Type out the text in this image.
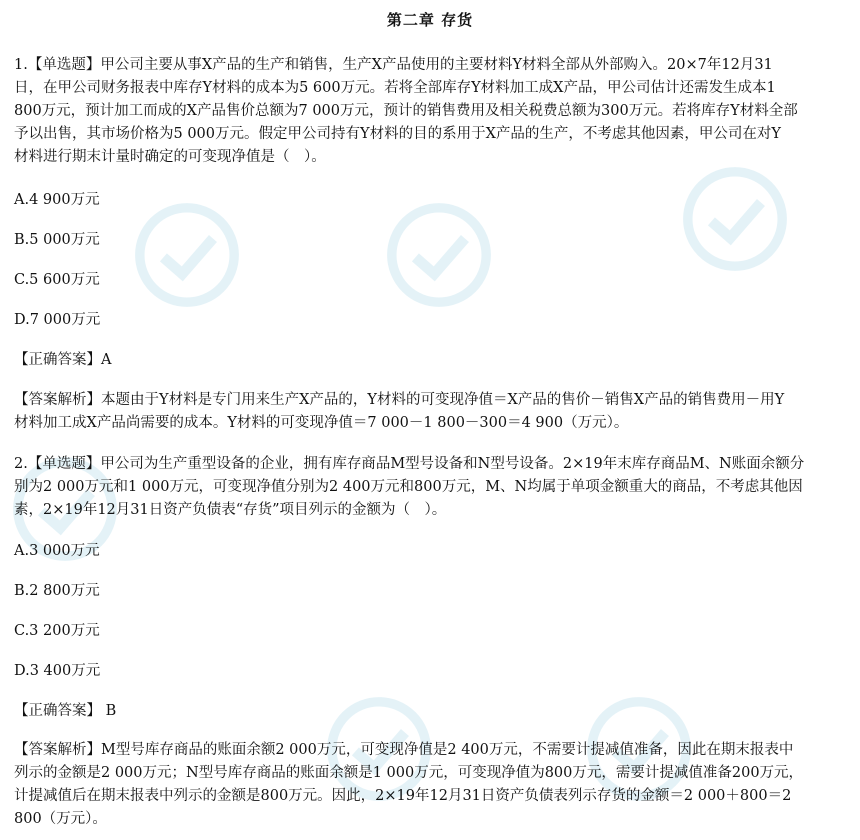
第二章 存货
1.【单选题】甲公司主要从事X产品的生产和销售，生产X产品使用的主要材料Y材料全部从外部购入。20×7年12月31
日，在甲公司财务报表中库存Y材料的成本为5 600万元。若将全部库存Y材料加工成X产品，甲公司估计还需发生成本1
800万元，预计加工而成的X产品售价总额为7 000万元，预计的销售费用及相关税费总额为300万元。若将库存Y材料全部
予以出售，其市场价格为5 000万元。假定甲公司持有Y材料的目的系用于X产品的生产，不考虑其他因素，甲公司在对Y
材料进行期末计量时确定的可变现净值是（　）。
A.4 900万元
B.5 000万元
C.5 600万元
D.7 000万元
【正确答案】A
【答案解析】本题由于Y材料是专门用来生产X产品的，Y材料的可变现净值＝X产品的售价－销售X产品的销售费用－用Y
材料加工成X产品尚需要的成本。Y材料的可变现净值＝7 000－1 800－300＝4 900（万元）。
2.【单选题】甲公司为生产重型设备的企业，拥有库存商品M型号设备和N型号设备。2×19年末库存商品M、N账面余额分
别为2 000万元和1 000万元，可变现净值分别为2 400万元和800万元，M、N均属于单项金额重大的商品，不考虑其他因
素，2×19年12月31日资产负债表“存货”项目列示的金额为（　）。
A.3 000万元
B.2 800万元
C.3 200万元
D.3 400万元
【正确答案】 B
【答案解析】M型号库存商品的账面余额2 000万元，可变现净值是2 400万元，不需要计提减值准备，因此在期末报表中
列示的金额是2 000万元；N型号库存商品的账面余额是1 000万元，可变现净值为800万元，需要计提减值准备200万元，
计提减值后在期末报表中列示的金额是800万元。因此，2×19年12月31日资产负债表列示存货的金额＝2 000＋800＝2
800（万元）。
